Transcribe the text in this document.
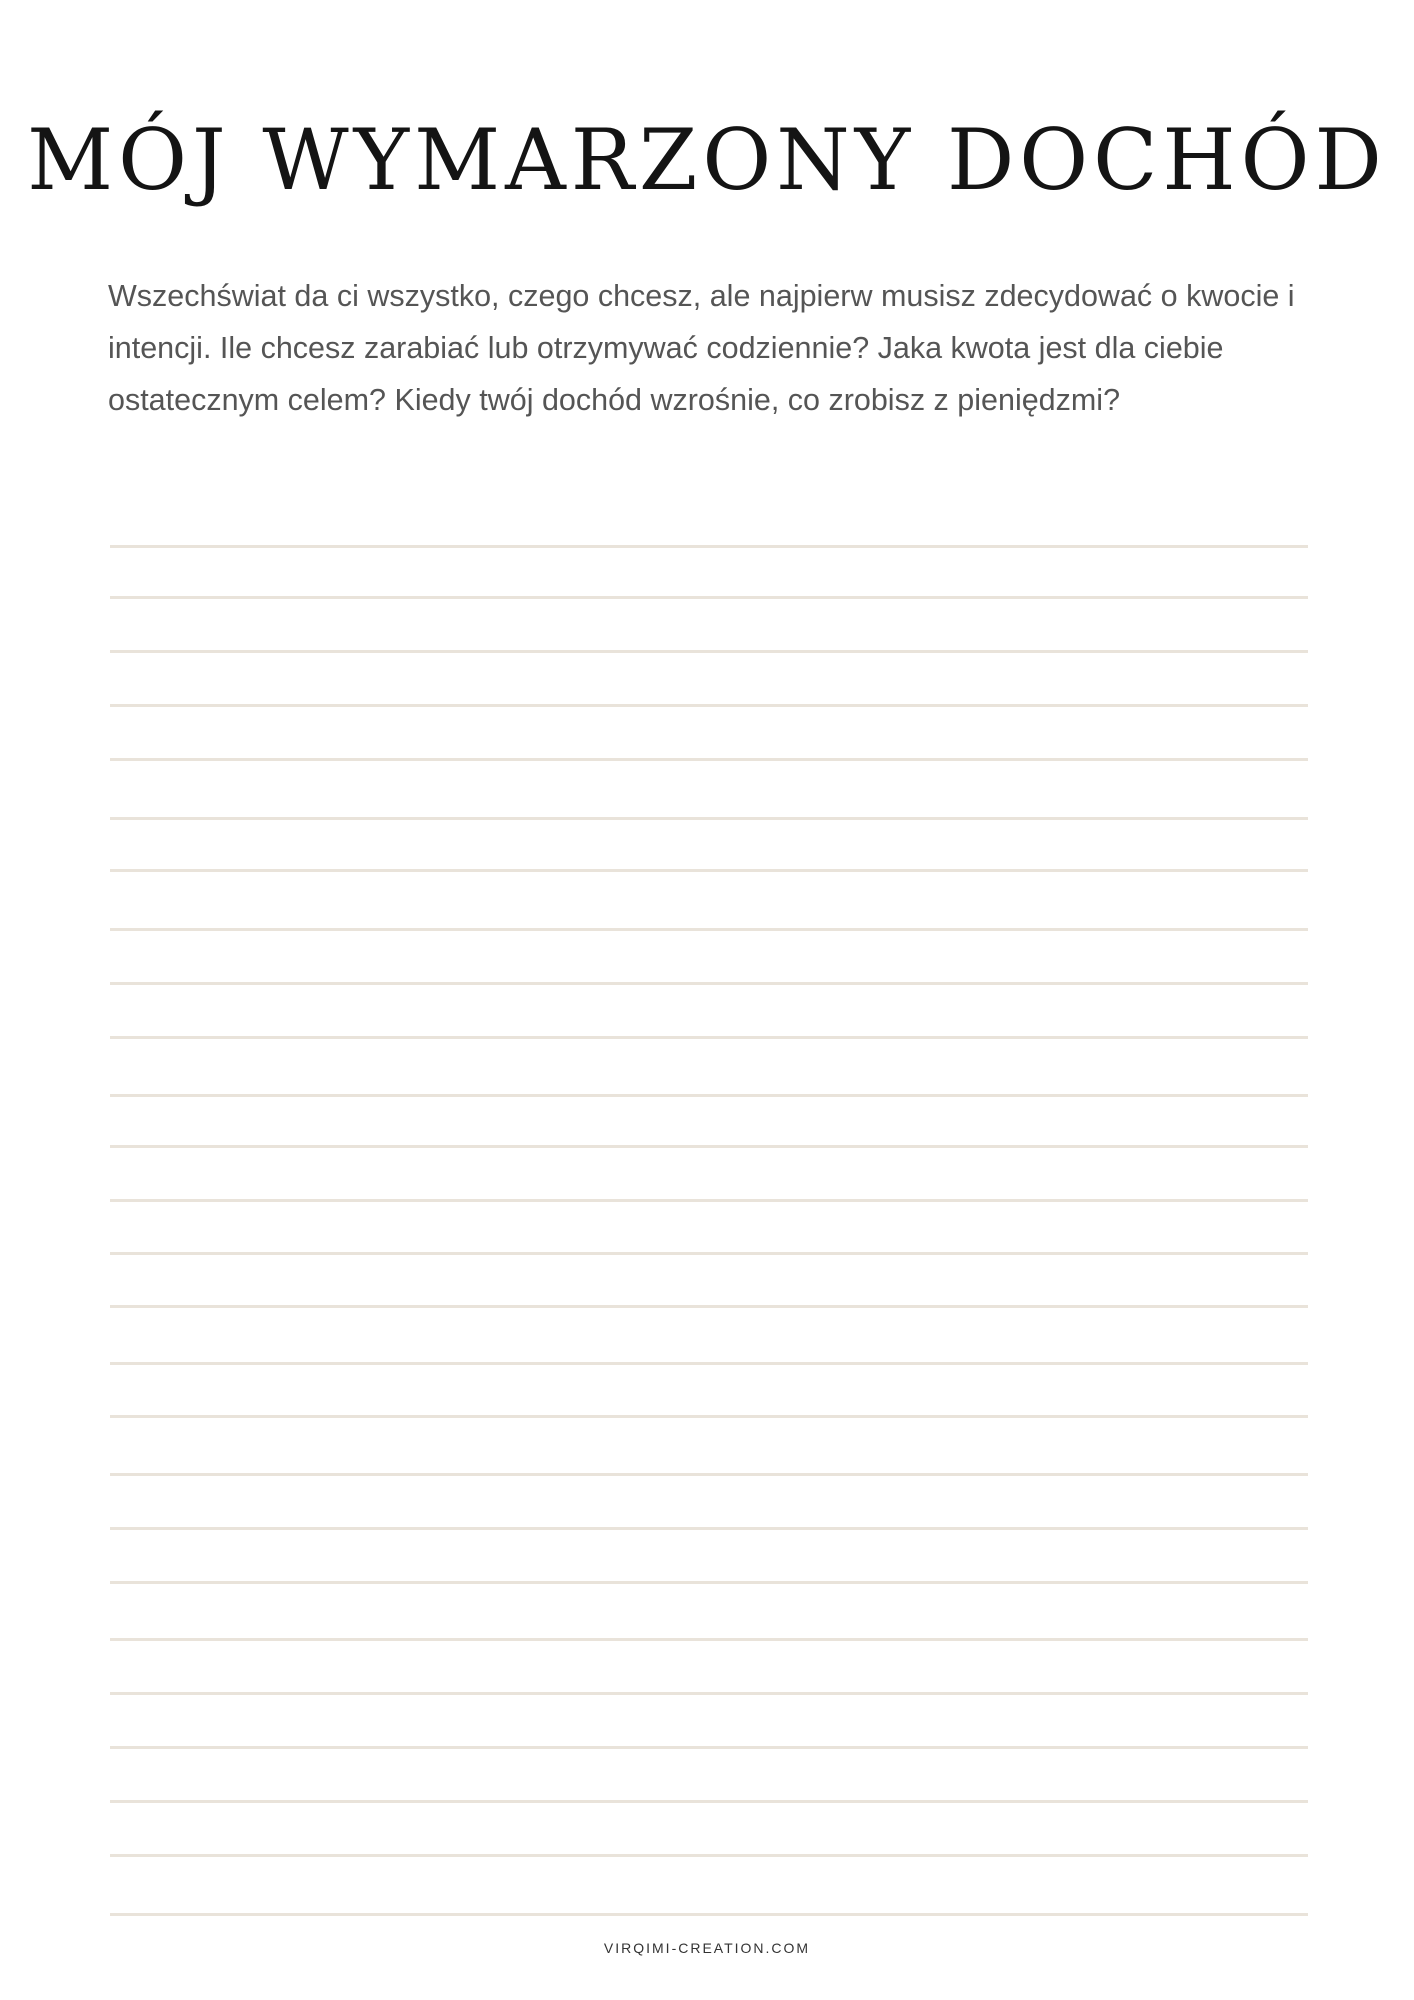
MÓJ WYMARZONY DOCHÓD

Wszechświat da ci wszystko, czego chcesz, ale najpierw musisz zdecydować o kwocie i intencji. Ile chcesz zarabiać lub otrzymywać codziennie? Jaka kwota jest dla ciebie ostatecznym celem? Kiedy twój dochód wzrośnie, co zrobisz z pieniędzmi?

VIRQIMI-CREATION.COM
